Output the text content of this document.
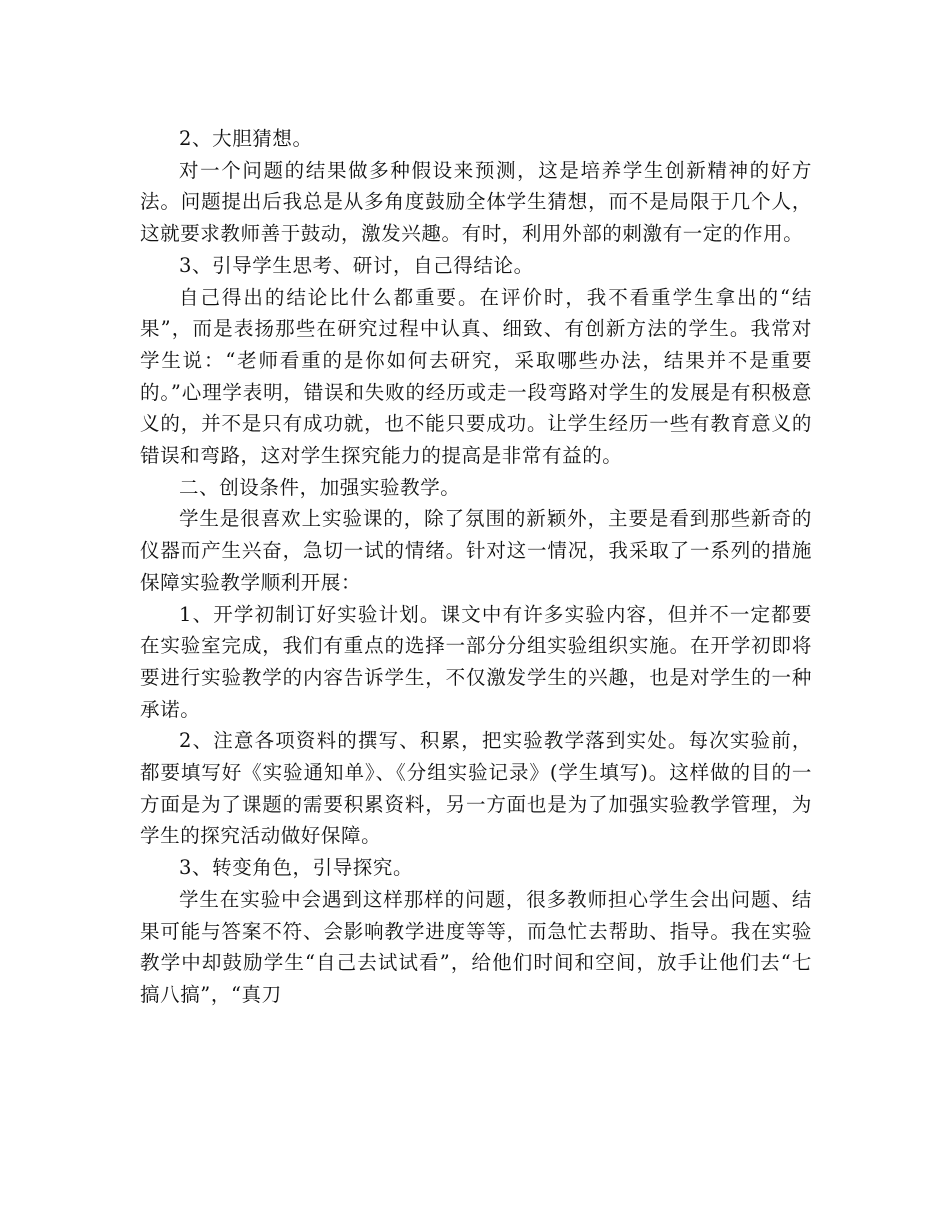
2、大胆猜想。

对一个问题的结果做多种假设来预测，这是培养学生创新精神的好方法。问题提出后我总是从多角度鼓励全体学生猜想，而不是局限于几个人，这就要求教师善于鼓动，激发兴趣。有时，利用外部的刺激有一定的作用。

3、引导学生思考、研讨，自己得结论。

自己得出的结论比什么都重要。在评价时，我不看重学生拿出的“结果”，而是表扬那些在研究过程中认真、细致、有创新方法的学生。我常对学生说：“老师看重的是你如何去研究，采取哪些办法，结果并不是重要的。”心理学表明，错误和失败的经历或走一段弯路对学生的发展是有积极意义的，并不是只有成功就，也不能只要成功。让学生经历一些有教育意义的错误和弯路，这对学生探究能力的提高是非常有益的。

二、创设条件，加强实验教学。

学生是很喜欢上实验课的，除了氛围的新颖外，主要是看到那些新奇的仪器而产生兴奋，急切一试的情绪。针对这一情况，我采取了一系列的措施保障实验教学顺利开展：

1、开学初制订好实验计划。课文中有许多实验内容，但并不一定都要在实验室完成，我们有重点的选择一部分分组实验组织实施。在开学初即将要进行实验教学的内容告诉学生，不仅激发学生的兴趣，也是对学生的一种承诺。

2、注意各项资料的撰写、积累，把实验教学落到实处。每次实验前，都要填写好《实验通知单》、《分组实验记录》(学生填写)。这样做的目的一方面是为了课题的需要积累资料，另一方面也是为了加强实验教学管理，为学生的探究活动做好保障。

3、转变角色，引导探究。

学生在实验中会遇到这样那样的问题，很多教师担心学生会出问题、结果可能与答案不符、会影响教学进度等等，而急忙去帮助、指导。我在实验教学中却鼓励学生“自己去试试看”，给他们时间和空间，放手让他们去“七搞八搞”，“真刀
